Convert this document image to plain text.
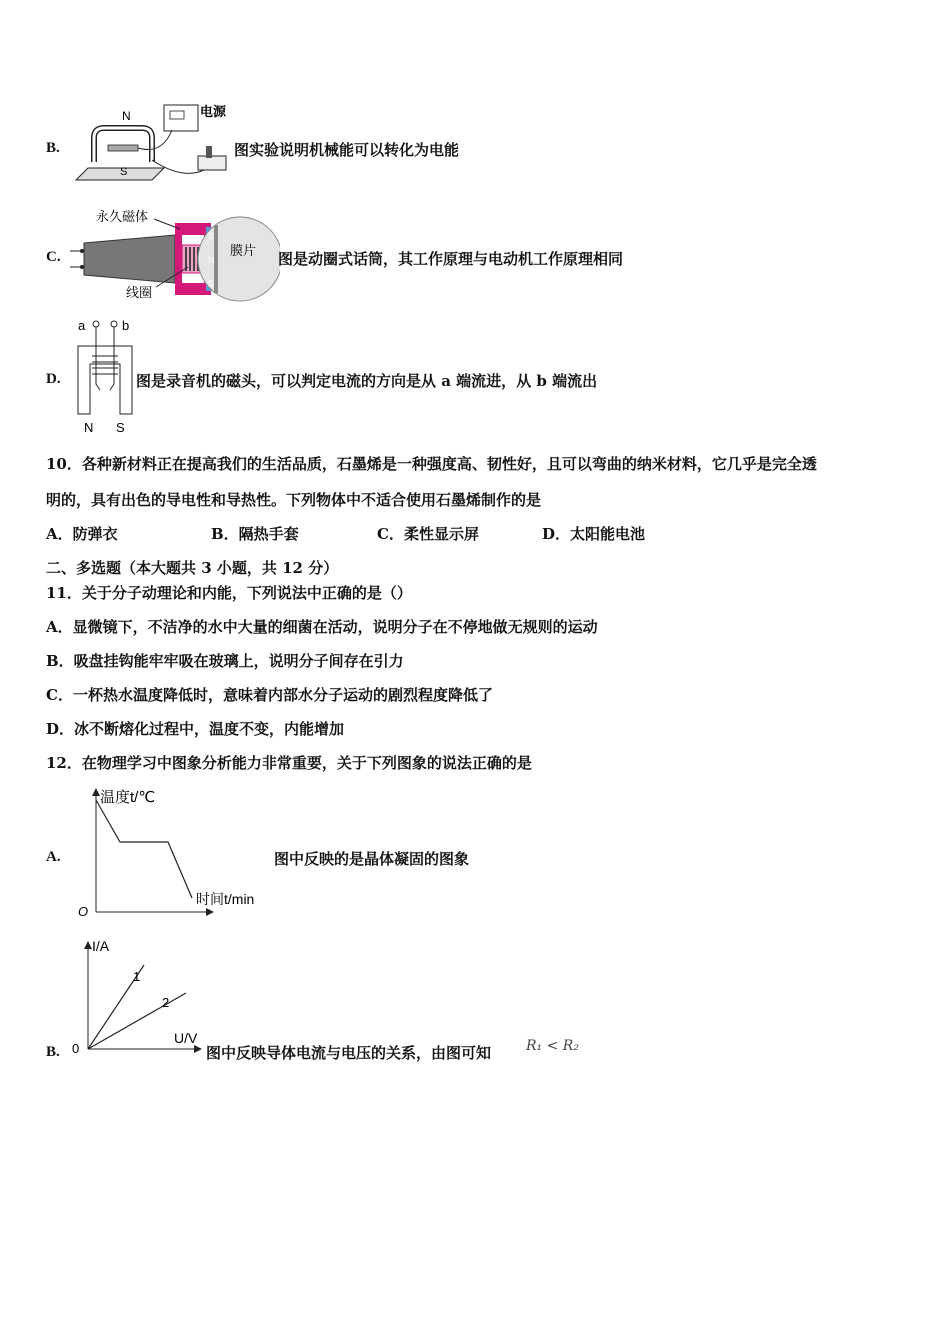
B.
N
S
电源
图实验说明机械能可以转化为电能
C.
S
N
S
永久磁体
膜片
线圈
图是动圈式话筒，其工作原理与电动机工作原理相同
D.
a	b
N S
图是录音机的磁头，可以判定电流的方向是从 a 端流进，从 b 端流出
10．各种新材料正在提高我们的生活品质，石墨烯是一种强度高、韧性好，且可以弯曲的纳米材料，它几乎是完全透
明的，具有出色的导电性和导热性。下列物体中不适合使用石墨烯制作的是
A．防弹衣	B．隔热手套	C．柔性显示屏	D．太阳能电池
二、多选题（本大题共 3 小题，共 12 分）
11．关于分子动理论和内能，下列说法中正确的是（）
A．显微镜下，不洁净的水中大量的细菌在活动，说明分子在不停地做无规则的运动
B．吸盘挂钩能牢牢吸在玻璃上，说明分子间存在引力
C．一杯热水温度降低时，意味着内部水分子运动的剧烈程度降低了
D．冰不断熔化过程中，温度不变，内能增加
12．在物理学习中图象分析能力非常重要，关于下列图象的说法正确的是
A.
温度t/℃
时间t/min
O
图中反映的是晶体凝固的图象
B.
I/A
U/V
0
1
2
图中反映导体电流与电压的关系，由图可知 R₁ < R₂
